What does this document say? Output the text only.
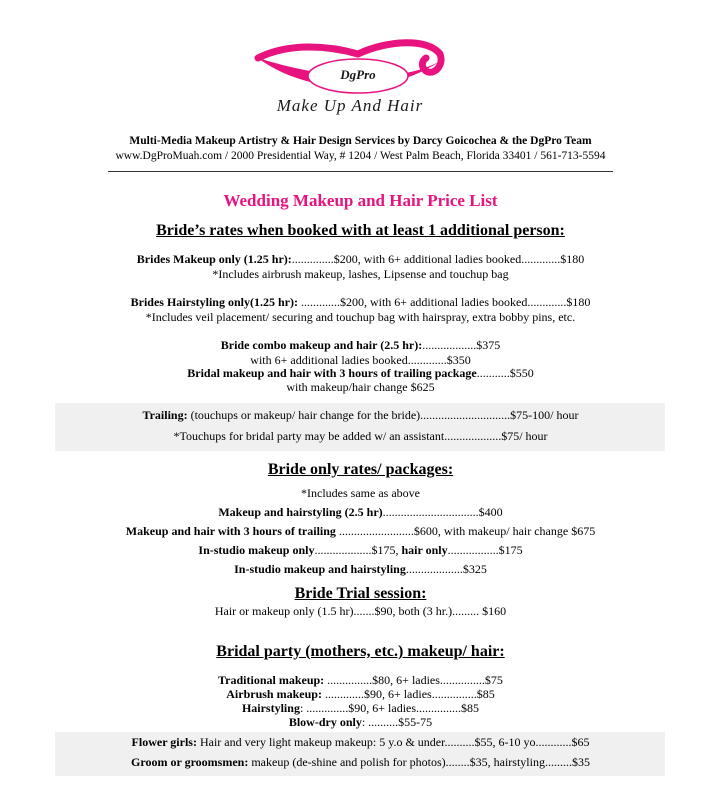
DgPro
Make Up And Hair
Multi-Media Makeup Artistry & Hair Design Services by Darcy Goicochea & the DgPro Team
www.DgProMuah.com / 2000 Presidential Way, # 1204 / West Palm Beach, Florida 33401 / 561-713-5594
Wedding Makeup and Hair Price List
Bride’s rates when booked with at least 1 additional person:
Brides Makeup only (1.25 hr):..............$200, with 6+ additional ladies booked.............$180
*Includes airbrush makeup, lashes, Lipsense and touchup bag
Brides Hairstyling only(1.25 hr): .............$200, with 6+ additional ladies booked.............$180
*Includes veil placement/ securing and touchup bag with hairspray, extra bobby pins, etc.
Bride combo makeup and hair (2.5 hr):..................$375
with 6+ additional ladies booked.............$350
Bridal makeup and hair with 3 hours of trailing package...........$550
with makeup/hair change $625
Trailing: (touchups or makeup/ hair change for the bride)..............................$75-100/ hour
*Touchups for bridal party may be added w/ an assistant...................$75/ hour
Bride only rates/ packages:
*Includes same as above
Makeup and hairstyling (2.5 hr)................................$400
Makeup and hair with 3 hours of trailing .........................$600, with makeup/ hair change $675
In-studio makeup only...................$175, hair only.................$175
In-studio makeup and hairstyling...................$325
Bride Trial session:
Hair or makeup only (1.5 hr).......$90, both (3 hr.)......... $160
Bridal party (mothers, etc.) makeup/ hair:
Traditional makeup: ...............$80, 6+ ladies...............$75
Airbrush makeup: .............$90, 6+ ladies...............$85
Hairstyling: ..............$90, 6+ ladies...............$85
Blow-dry only: ..........$55-75
Flower girls: Hair and very light makeup makeup: 5 y.o & under..........$55, 6-10 yo............$65
Groom or groomsmen: makeup (de-shine and polish for photos)........$35, hairstyling.........$35
